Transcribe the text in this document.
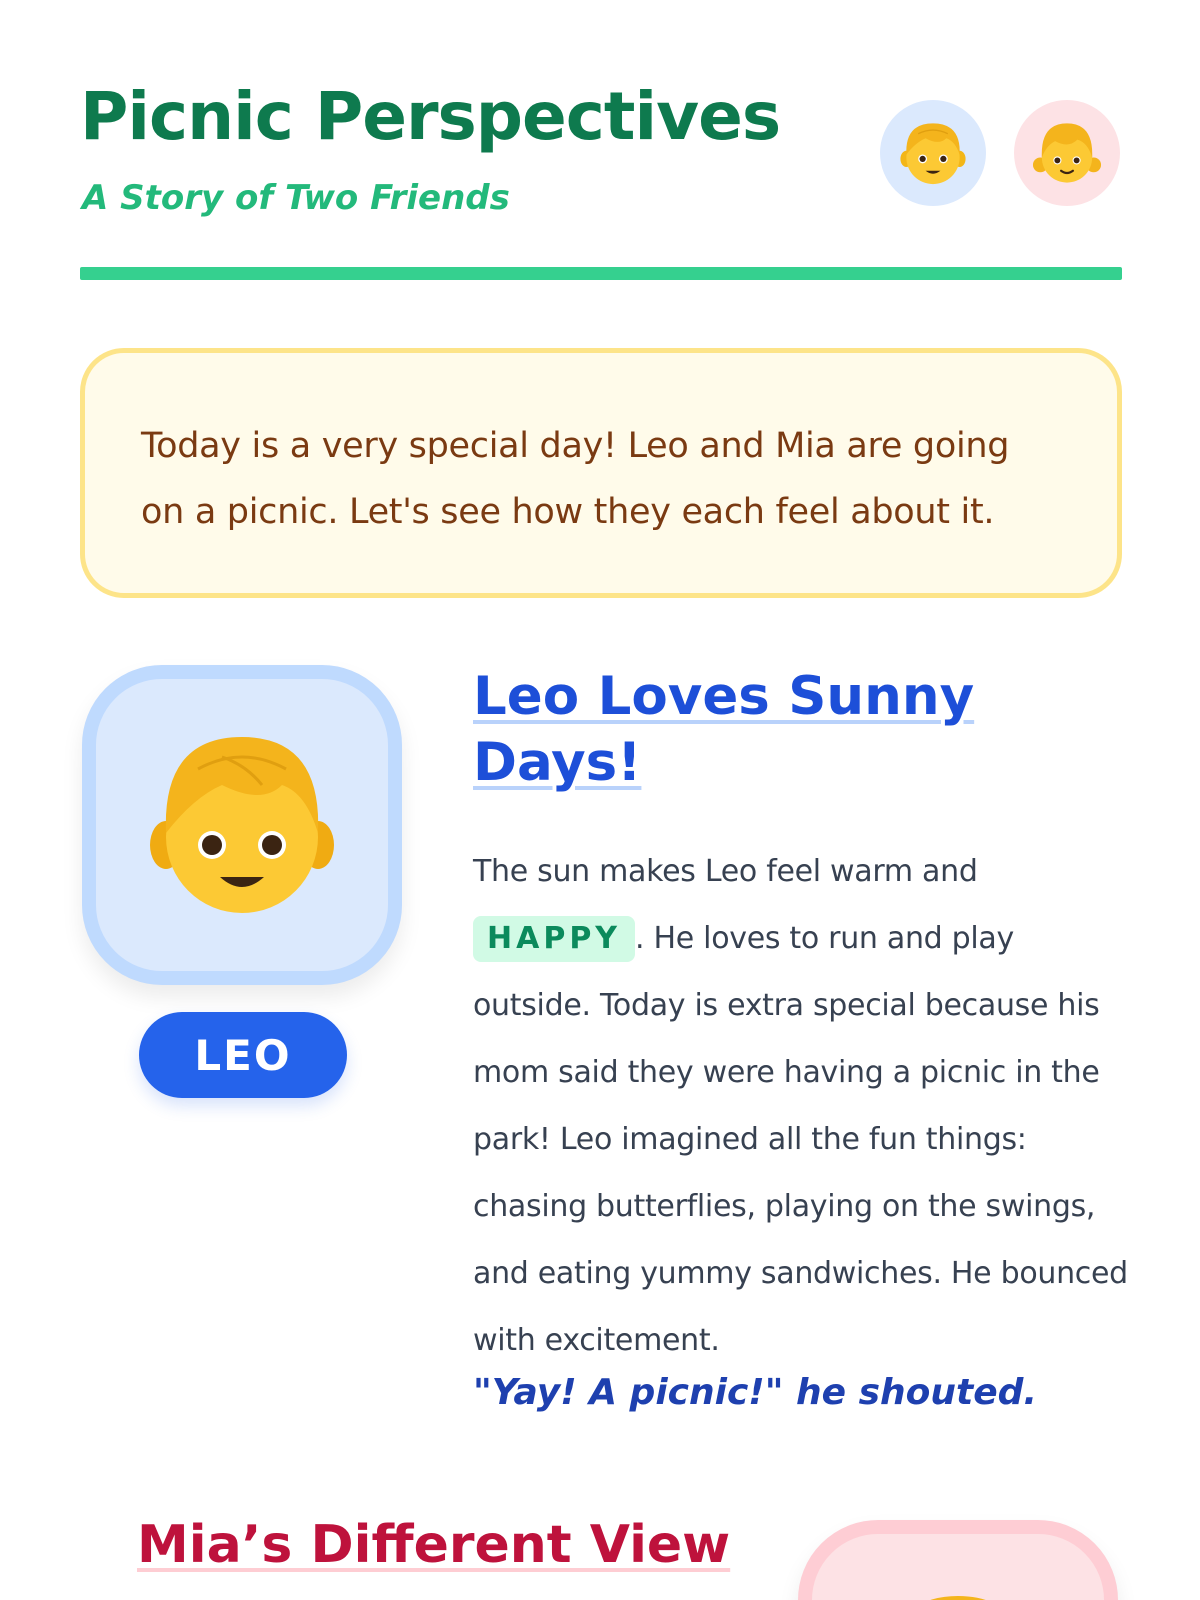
Picnic Perspectives
A Story of Two Friends

Today is a very special day! Leo and Mia are going on a picnic. Let's see how they each feel about it.

LEO
Leo Loves Sunny Days!
The sun makes Leo feel warm and HAPPY . He loves to run and play outside. Today is extra special because his mom said they were having a picnic in the park! Leo imagined all the fun things: chasing butterflies, playing on the swings, and eating yummy sandwiches. He bounced with excitement.
"Yay! A picnic!" he shouted.
Mia’s Different View
